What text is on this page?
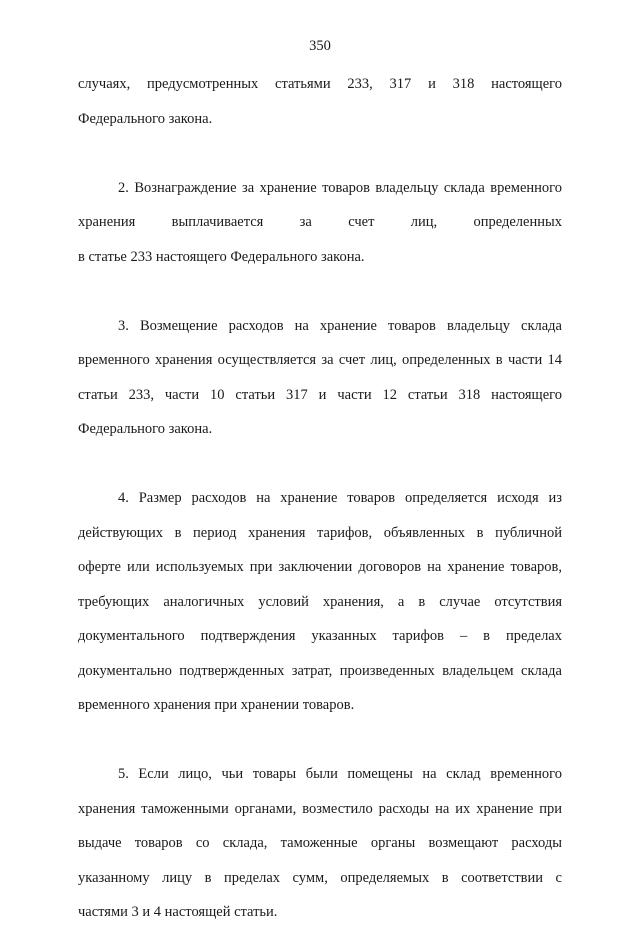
350
случаях, предусмотренных статьями 233, 317 и 318 настоящего
Федерального закона.
2. Вознаграждение за хранение товаров владельцу склада временного
хранения выплачивается за счет лиц, определенных
в статье 233 настоящего Федерального закона.
3. Возмещение расходов на хранение товаров владельцу склада
временного хранения осуществляется за счет лиц, определенных в части 14
статьи 233, части 10 статьи 317 и части 12 статьи 318 настоящего
Федерального закона.
4. Размер расходов на хранение товаров определяется исходя из
действующих в период хранения тарифов, объявленных в публичной
оферте или используемых при заключении договоров на хранение товаров,
требующих аналогичных условий хранения, а в случае отсутствия
документального подтверждения указанных тарифов – в пределах
документально подтвержденных затрат, произведенных владельцем склада
временного хранения при хранении товаров.
5. Если лицо, чьи товары были помещены на склад временного
хранения таможенными органами, возместило расходы на их хранение при
выдаче товаров со склада, таможенные органы возмещают расходы
указанному лицу в пределах сумм, определяемых в соответствии с
частями 3 и 4 настоящей статьи.
